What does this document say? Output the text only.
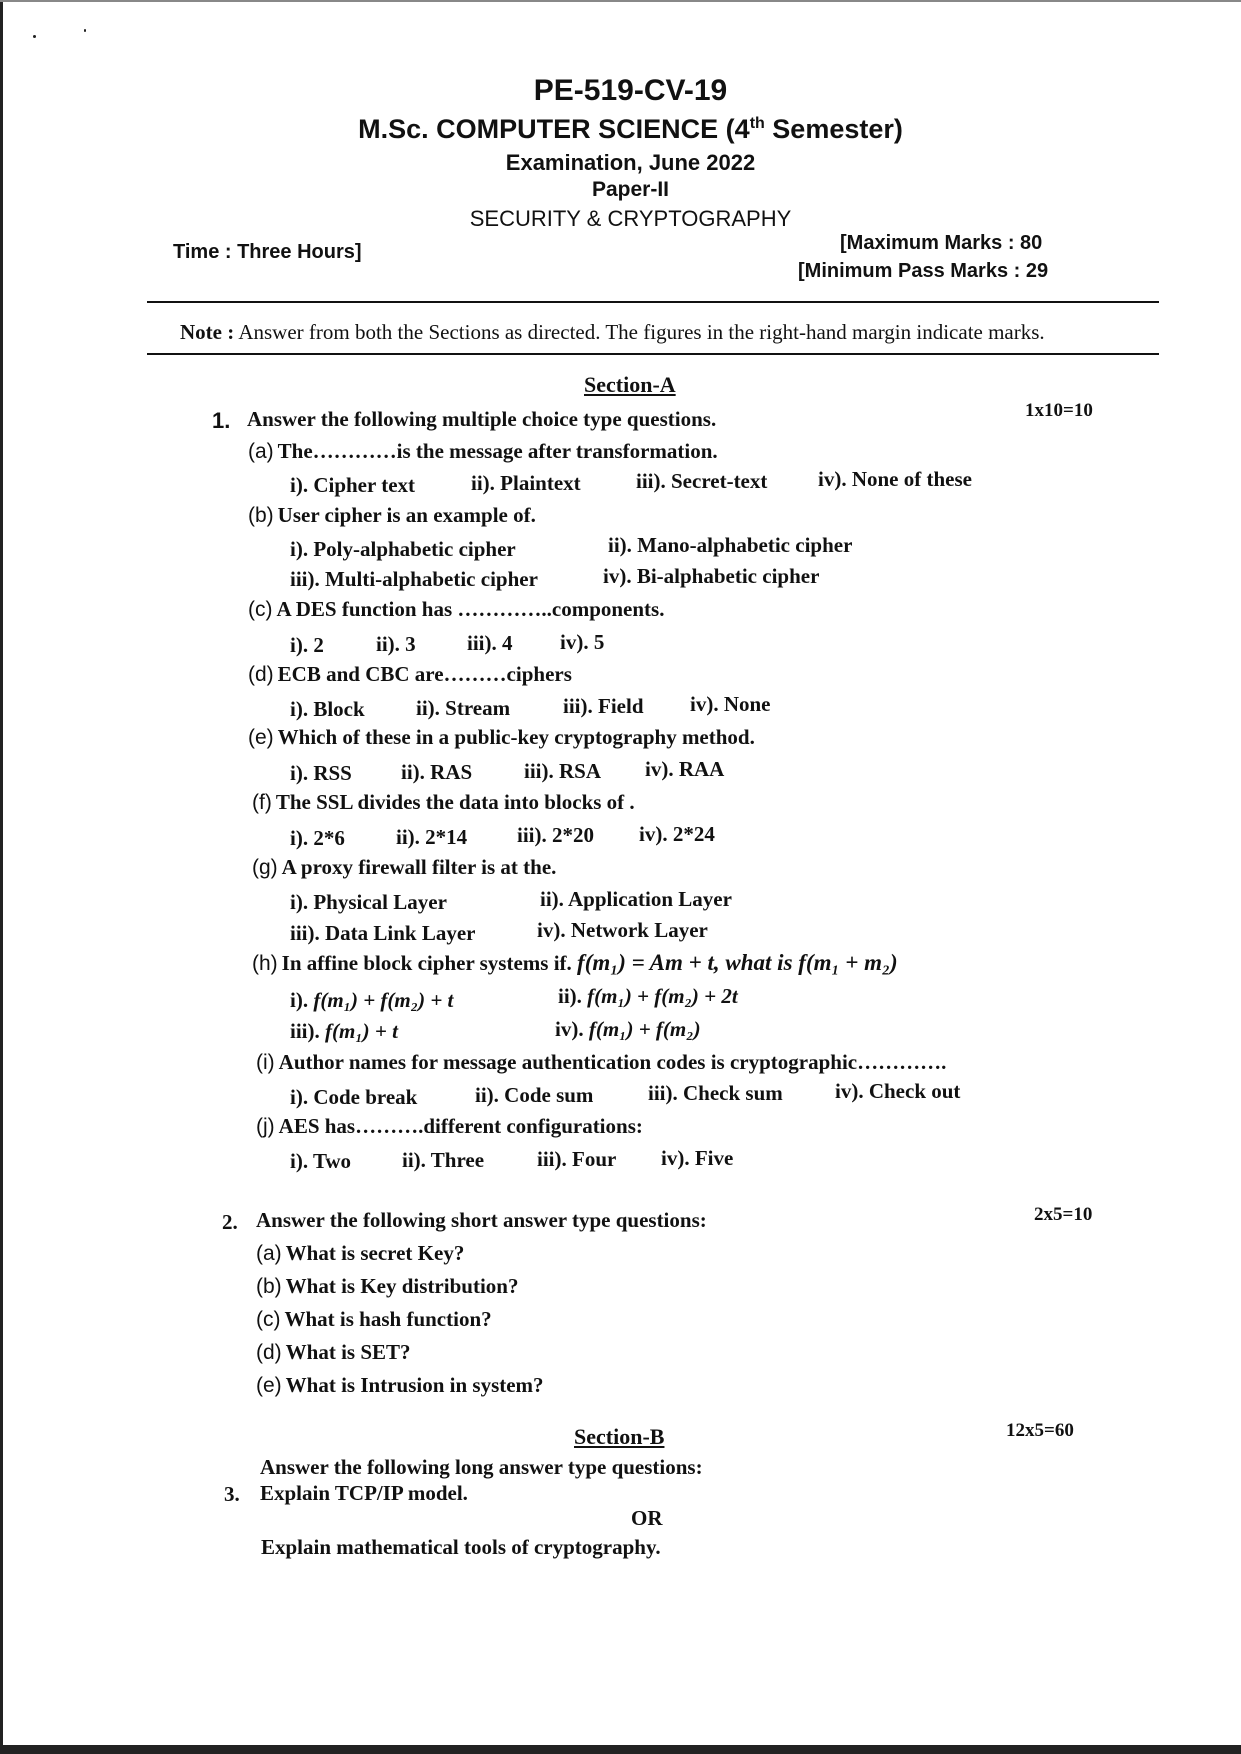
PE-519-CV-19
M.Sc. COMPUTER SCIENCE (4th Semester)
Examination, June 2022
Paper-II
SECURITY & CRYPTOGRAPHY
Time : Three Hours]	[Maximum Marks : 80
[Minimum Pass Marks : 29
Note : Answer from both the Sections as directed. The figures in the right-hand margin indicate marks.
Section-A
1. Answer the following multiple choice type questions.	1x10=10
(a) The…………is the message after transformation.
i). Cipher text	ii). Plaintext	iii). Secret-text iv). None of these
(b) User cipher is an example of.
i). Poly-alphabetic cipher	ii). Mano-alphabetic cipher
iii). Multi-alphabetic cipher	iv). Bi-alphabetic cipher
(c) A DES function has …………..components.
i). 2 ii). 3 iii). 4 iv). 5
(d) ECB and CBC are………ciphers
i). Block ii). Stream	iii). Field iv). None
(e) Which of these in a public-key cryptography method.
i). RSS ii). RAS iii). RSA iv). RAA
(f) The SSL divides the data into blocks of .
i). 2*6 ii). 2*14 iii). 2*20 iv). 2*24
(g) A proxy firewall filter is at the.
i). Physical Layer	ii). Application Layer
iii). Data Link Layer	iv). Network Layer
(h) In affine block cipher systems if. f(m₁) = Am + t, what is f(m₁ + m₂)
i). f(m₁) + f(m₂) + t	ii). f(m₁) + f(m₂) + 2t
iii). f(m₁) + t	iv). f(m₁) + f(m₂)
(i) Author names for message authentication codes is cryptographic………….
i). Code break	ii). Code sum	iii). Check sum iv). Check out
(j) AES has……….different configurations:
i). Two ii). Three	iii). Four iv). Five
2. Answer the following short answer type questions:	2x5=10
(a) What is secret Key?
(b) What is Key distribution?
(c) What is hash function?
(d) What is SET?
(e) What is Intrusion in system?
Section-B	12x5=60
Answer the following long answer type questions:
3. Explain TCP/IP model.
OR
Explain mathematical tools of cryptography.
